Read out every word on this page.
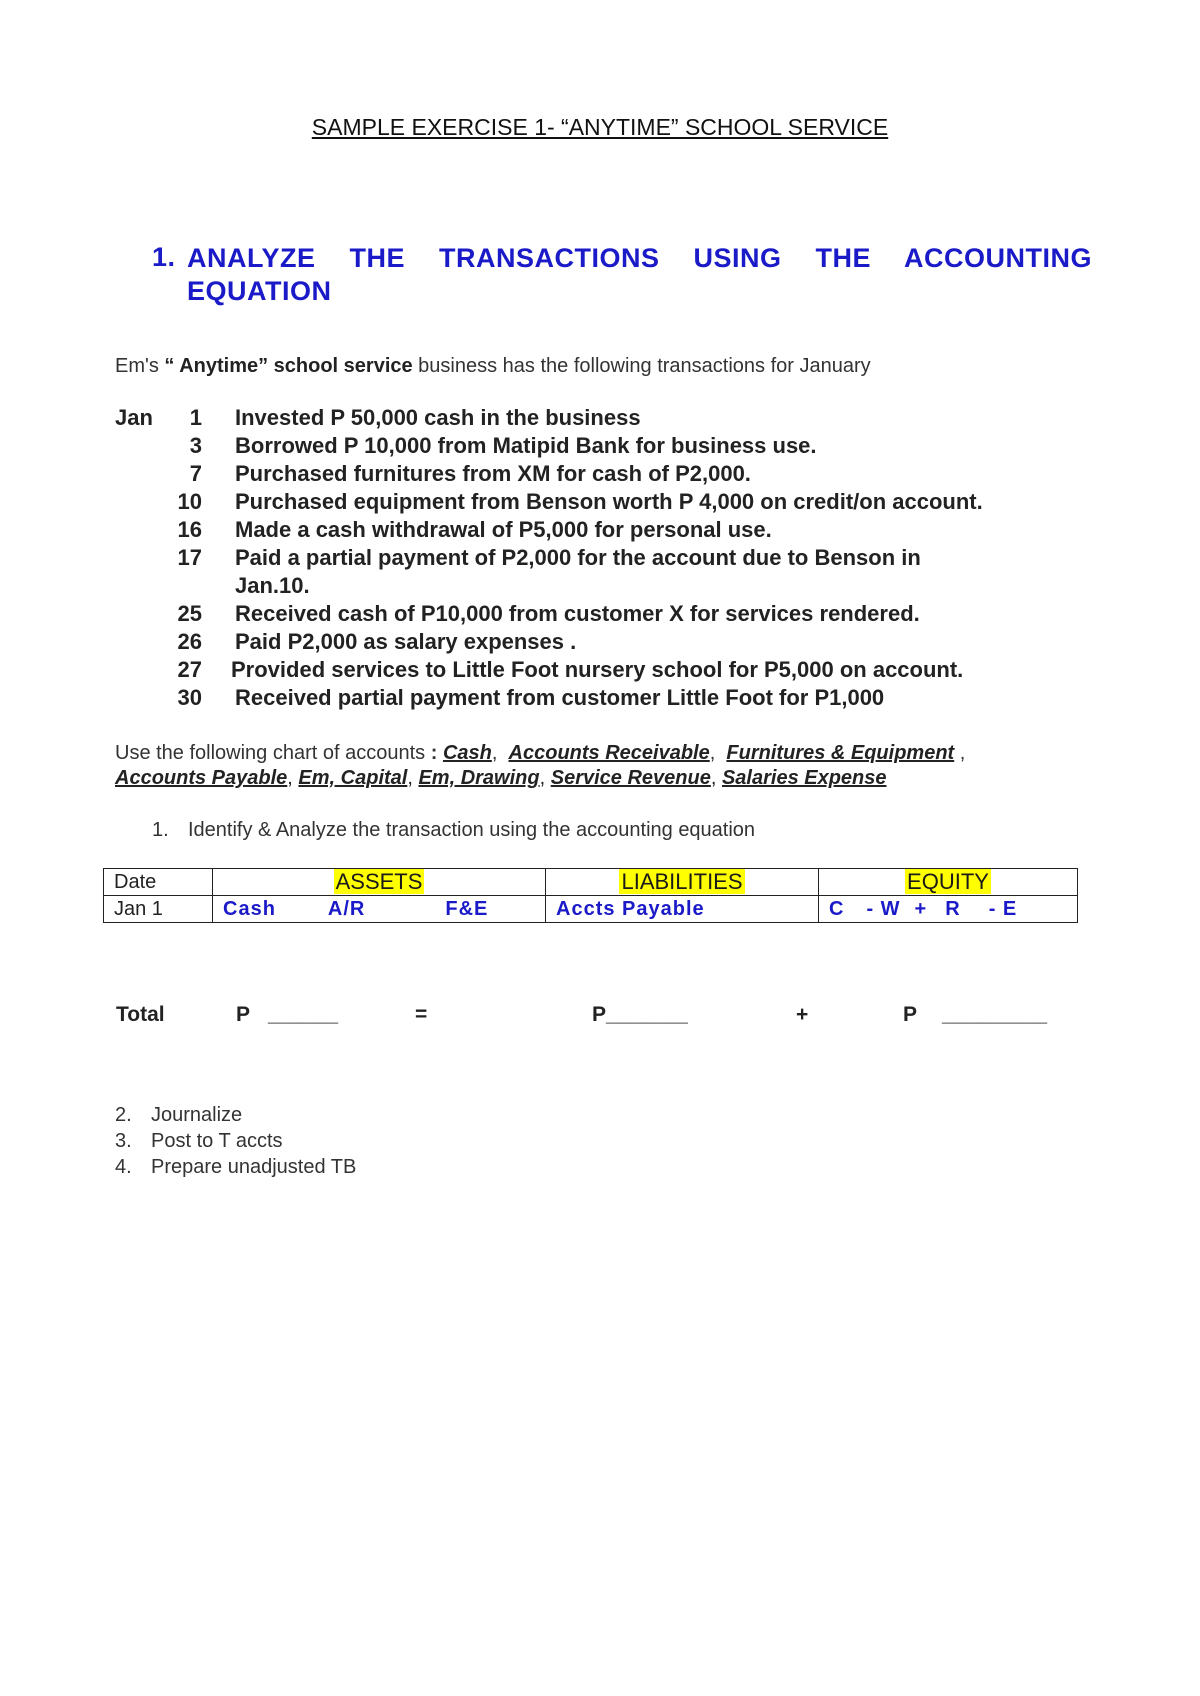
SAMPLE EXERCISE 1- “ANYTIME” SCHOOL SERVICE
1. ANALYZE THE TRANSACTIONS USING THE ACCOUNTING
EQUATION
Em's “ Anytime” school service business has the following transactions for January
Jan	1 Invested P 50,000 cash in the business
3 Borrowed P 10,000 from Matipid Bank for business use.
7 Purchased furnitures from XM for cash of P2,000.
10 Purchased equipment from Benson worth P 4,000 on credit/on account.
16 Made a cash withdrawal of P5,000 for personal use.
17 Paid a partial payment of P2,000 for the account due to Benson in
Jan.10.
25 Received cash of P10,000 from customer X for services rendered.
26 Paid P2,000 as salary expenses .
27 Provided services to Little Foot nursery school for P5,000 on account.
30 Received partial payment from customer Little Foot for P1,000
Use the following chart of accounts : Cash,  Accounts Receivable,  Furnitures & Equipment ,
Accounts Payable, Em, Capital, Em, Drawing, Service Revenue, Salaries Expense
1. Identify & Analyze the transaction using the accounting equation
Date	ASSETS	LIABILITIES	EQUITY
Jan 1	Cash A/R F&E	Accts Payable	C - W + R - E
Total	P ______	=	P_______	+	P _________
2. Journalize
3. Post to T accts
4. Prepare unadjusted TB
